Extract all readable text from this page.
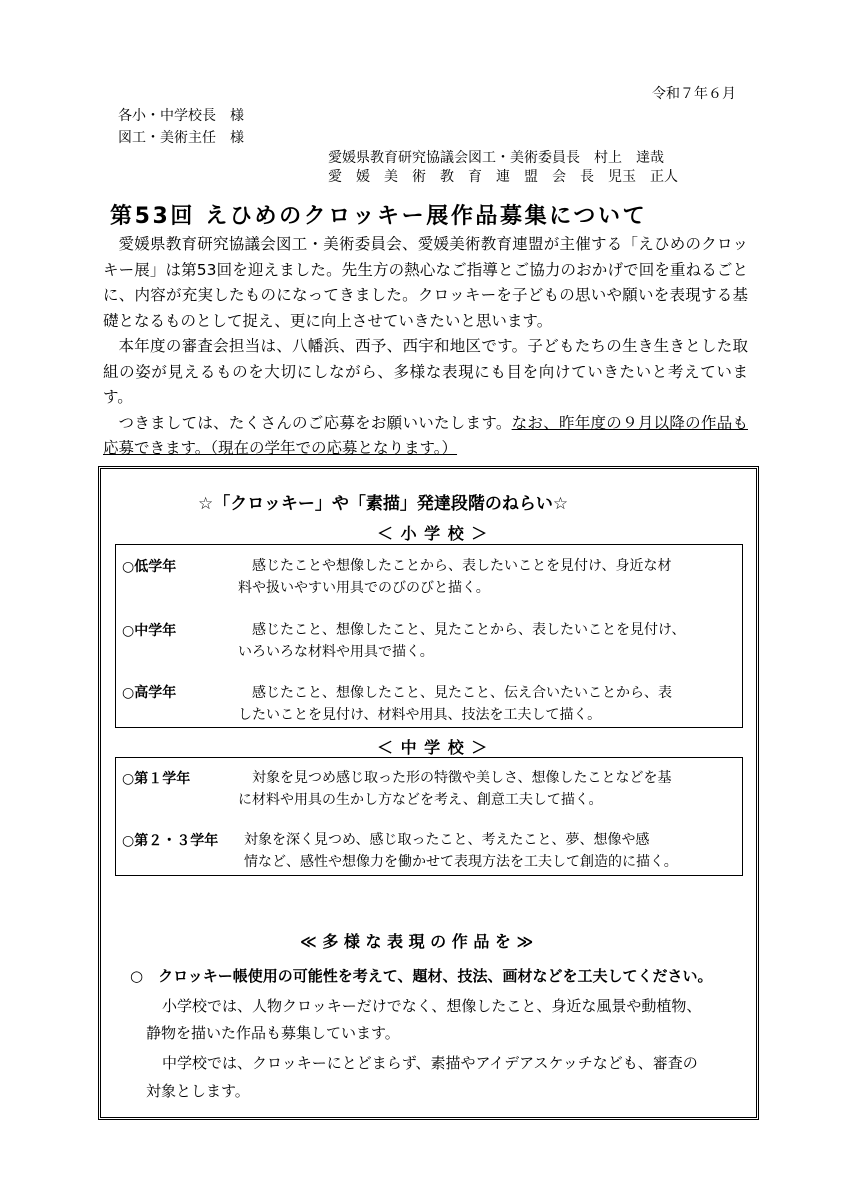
令和７年６月
各小・中学校長　様
図工・美術主任　様
愛媛県教育研究協議会図工・美術委員長　村上　達哉
愛　媛　美　術　教　育　連　盟　会　長　児玉　正人
第53回 えひめのクロッキー展作品募集について

愛媛県教育研究協議会図工・美術委員会、愛媛美術教育連盟が主催する「えひめのクロッキー展」は第53回を迎えました。先生方の熱心なご指導とご協力のおかげで回を重ねるごとに、内容が充実したものになってきました。クロッキーを子どもの思いや願いを表現する基礎となるものとして捉え、更に向上させていきたいと思います。

本年度の審査会担当は、八幡浜、西予、西宇和地区です。子どもたちの生き生きとした取組の姿が見えるものを大切にしながら、多様な表現にも目を向けていきたいと考えています。

つきましては、たくさんのご応募をお願いいたします。なお、昨年度の９月以降の作品も応募できます。（現在の学年での応募となります。）

☆「クロッキー」や「素描」発達段階のねらい☆
＜ 小 学 校 ＞
○低学年	　感じたことや想像したことから、表したいことを見付け、身近な材
料や扱いやすい用具でのびのびと描く。
○中学年	　感じたこと、想像したこと、見たことから、表したいことを見付け、
いろいろな材料や用具で描く。
○高学年	　感じたこと、想像したこと、見たこと、伝え合いたいことから、表
したいことを見付け、材料や用具、技法を工夫して描く。
＜ 中 学 校 ＞
○第１学年	　対象を見つめ感じ取った形の特徴や美しさ、想像したことなどを基
に材料や用具の生かし方などを考え、創意工夫して描く。
○第２・３学年 対象を深く見つめ、感じ取ったこと、考えたこと、夢、想像や感
情など、感性や想像力を働かせて表現方法を工夫して創造的に描く。
≪ 多 様 な 表 現 の 作 品 を ≫
○　クロッキー帳使用の可能性を考えて、題材、技法、画材などを工夫してください。
小学校では、人物クロッキーだけでなく、想像したこと、身近な風景や動植物、
静物を描いた作品も募集しています。
中学校では、クロッキーにとどまらず、素描やアイデアスケッチなども、審査の
対象とします。
